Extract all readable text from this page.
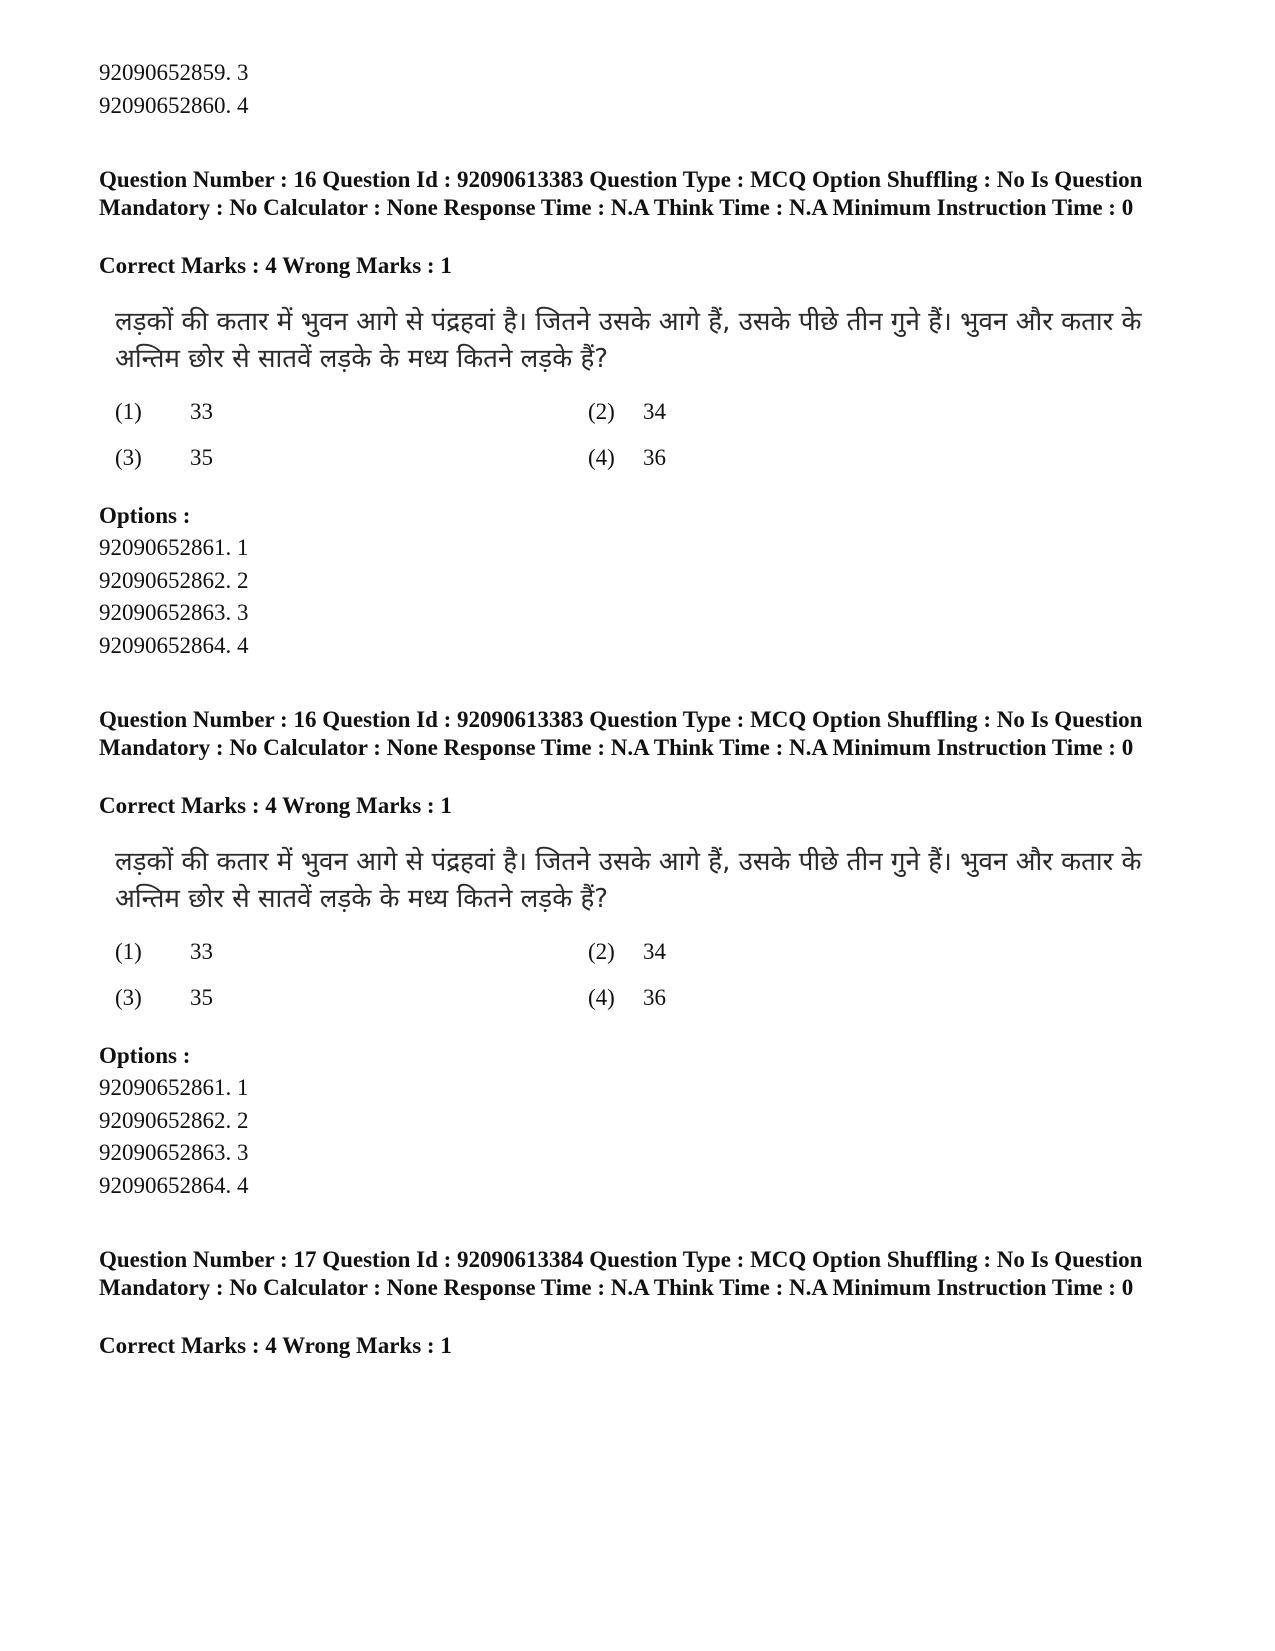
92090652859. 3
92090652860. 4
Question Number : 16 Question Id : 92090613383 Question Type : MCQ Option Shuffling : No Is Question Mandatory : No Calculator : None Response Time : N.A Think Time : N.A Minimum Instruction Time : 0
Correct Marks : 4 Wrong Marks : 1
लड़कों की कतार में भुवन आगे से पंद्रहवां है। जितने उसके आगे हैं, उसके पीछे तीन गुने हैं। भुवन और कतार के अन्तिम छोर से सातवें लड़के के मध्य कितने लड़के हैं?
(1) 33	(2) 34
(3) 35	(4) 36
Options :
92090652861. 1
92090652862. 2
92090652863. 3
92090652864. 4
Question Number : 16 Question Id : 92090613383 Question Type : MCQ Option Shuffling : No Is Question Mandatory : No Calculator : None Response Time : N.A Think Time : N.A Minimum Instruction Time : 0
Correct Marks : 4 Wrong Marks : 1
लड़कों की कतार में भुवन आगे से पंद्रहवां है। जितने उसके आगे हैं, उसके पीछे तीन गुने हैं। भुवन और कतार के अन्तिम छोर से सातवें लड़के के मध्य कितने लड़के हैं?
(1) 33	(2) 34
(3) 35	(4) 36
Options :
92090652861. 1
92090652862. 2
92090652863. 3
92090652864. 4
Question Number : 17 Question Id : 92090613384 Question Type : MCQ Option Shuffling : No Is Question Mandatory : No Calculator : None Response Time : N.A Think Time : N.A Minimum Instruction Time : 0
Correct Marks : 4 Wrong Marks : 1
